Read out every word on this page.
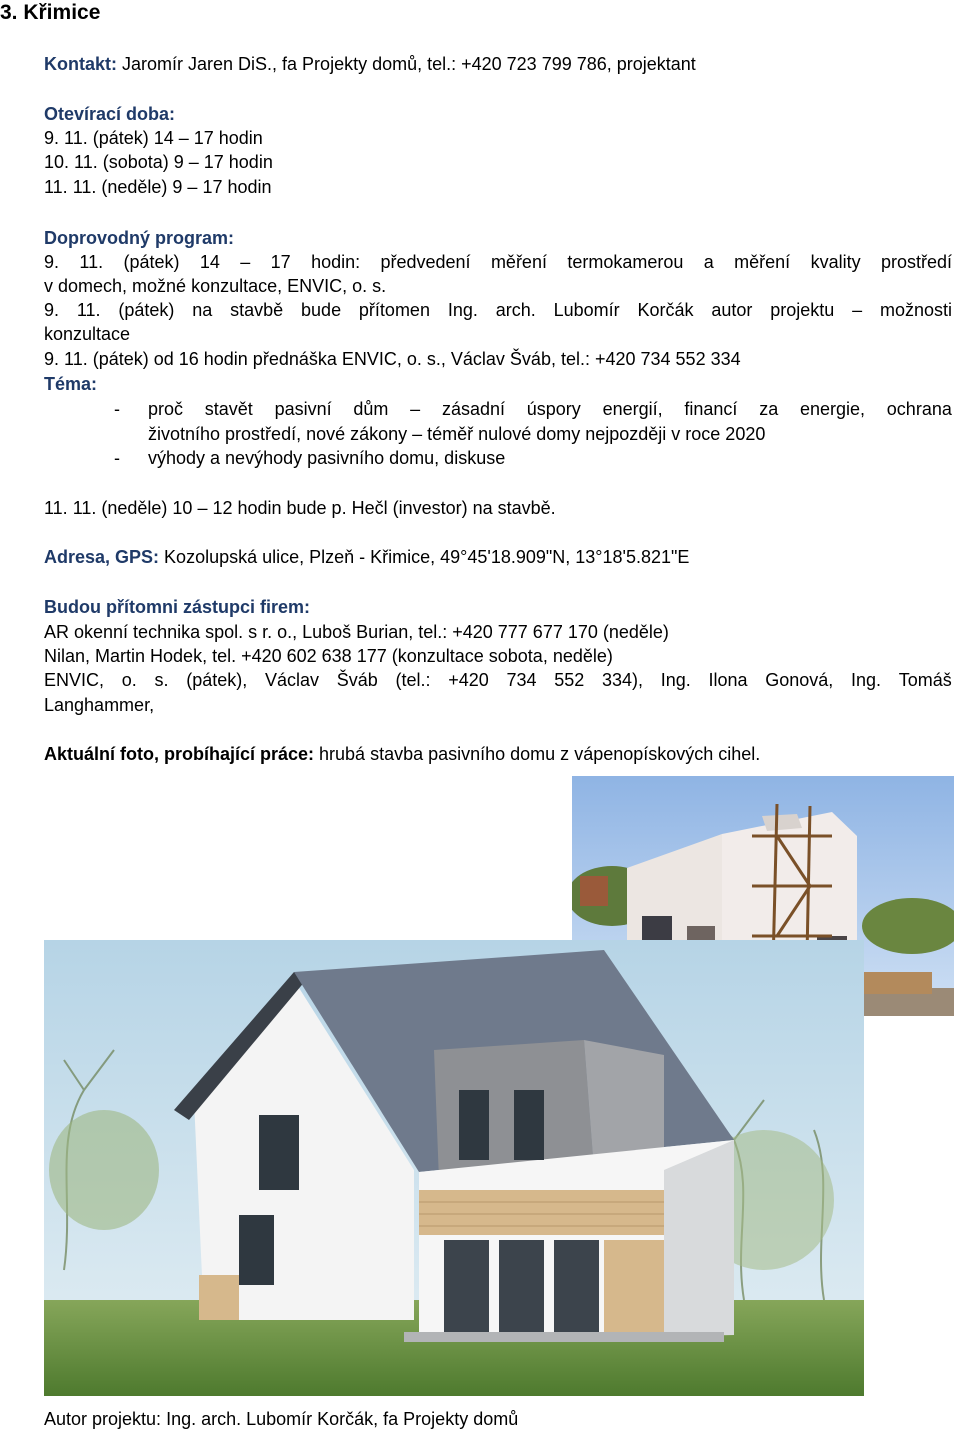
3. Křimice
Kontakt: Jaromír Jaren DiS., fa Projekty domů, tel.: +420 723 799 786, projektant
Otevírací doba:
9. 11. (pátek) 14 – 17 hodin
10. 11. (sobota) 9 – 17 hodin
11. 11. (neděle) 9 – 17 hodin
Doprovodný program:
9. 11. (pátek) 14 – 17 hodin: předvedení měření termokamerou a měření kvality prostředí
v domech, možné konzultace, ENVIC, o. s.
9. 11. (pátek) na stavbě bude přítomen Ing. arch. Lubomír Korčák autor projektu – možnosti
konzultace
9. 11. (pátek) od 16 hodin přednáška ENVIC, o. s., Václav Šváb, tel.: +420 734 552 334
Téma:
- proč stavět pasivní dům – zásadní úspory energií, financí za energie, ochrana
životního prostředí, nové zákony – téměř nulové domy nejpozději v roce 2020
- výhody a nevýhody pasivního domu, diskuse
11. 11. (neděle) 10 – 12 hodin bude p. Hečl (investor) na stavbě.
Adresa, GPS: Kozolupská ulice, Plzeň - Křimice, 49°45'18.909"N, 13°18'5.821"E
Budou přítomni zástupci firem:
AR okenní technika spol. s r. o., Luboš Burian, tel.: +420 777 677 170 (neděle)
Nilan, Martin Hodek, tel. +420 602 638 177 (konzultace sobota, neděle)
ENVIC, o. s. (pátek), Václav Šváb (tel.: +420 734 552 334), Ing. Ilona Gonová, Ing. Tomáš
Langhammer,
Aktuální foto, probíhající práce: hrubá stavba pasivního domu z vápenopískových cihel.
Autor projektu: Ing. arch. Lubomír Korčák, fa Projekty domů
